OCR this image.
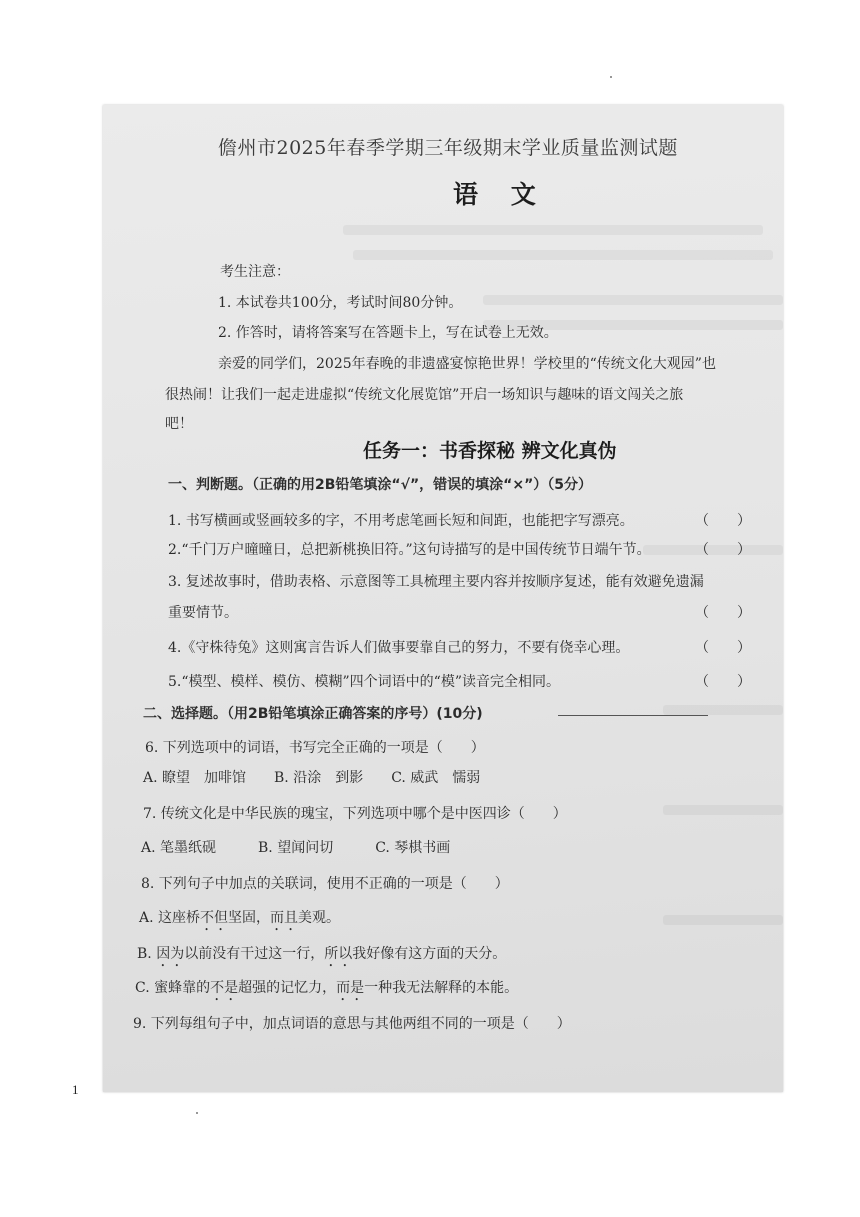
儋州市2025年春季学期三年级期末学业质量监测试题
语 文
考生注意：
1. 本试卷共100分，考试时间80分钟。
2. 作答时，请将答案写在答题卡上，写在试卷上无效。
亲爱的同学们，2025年春晚的非遗盛宴惊艳世界！学校里的“传统文化大观园”也
很热闹！让我们一起走进虚拟“传统文化展览馆”开启一场知识与趣味的语文闯关之旅
吧！
任务一：书香探秘 辨文化真伪
一、判断题。（正确的用2B铅笔填涂“√”，错误的填涂“×”）（5分）
1. 书写横画或竖画较多的字，不用考虑笔画长短和间距，也能把字写漂亮。	（　　）
2.“千门万户曈曈日，总把新桃换旧符。”这句诗描写的是中国传统节日端午节。	（　　）
3. 复述故事时，借助表格、示意图等工具梳理主要内容并按顺序复述，能有效避免遗漏
重要情节。	（　　）
4.《守株待兔》这则寓言告诉人们做事要靠自己的努力，不要有侥幸心理。	（　　）
5.“模型、模样、模仿、模糊”四个词语中的“模”读音完全相同。	（　　）
二、选择题。（用2B铅笔填涂正确答案的序号）(10分)
6. 下列选项中的词语，书写完全正确的一项是（　　）
A. 瞭望　加啡馆　　B. 沿涂　到影　　C. 威武　懦弱
7. 传统文化是中华民族的瑰宝，下列选项中哪个是中医四诊（　　）
A. 笔墨纸砚　　　B. 望闻问切　　　C. 琴棋书画
8. 下列句子中加点的关联词，使用不正确的一项是（　　）
A. 这座桥不但坚固，而且美观。
B. 因为以前没有干过这一行，所以我好像有这方面的天分。
C. 蜜蜂靠的不是超强的记忆力，而是一种我无法解释的本能。
9. 下列每组句子中，加点词语的意思与其他两组不同的一项是（　　）
1
